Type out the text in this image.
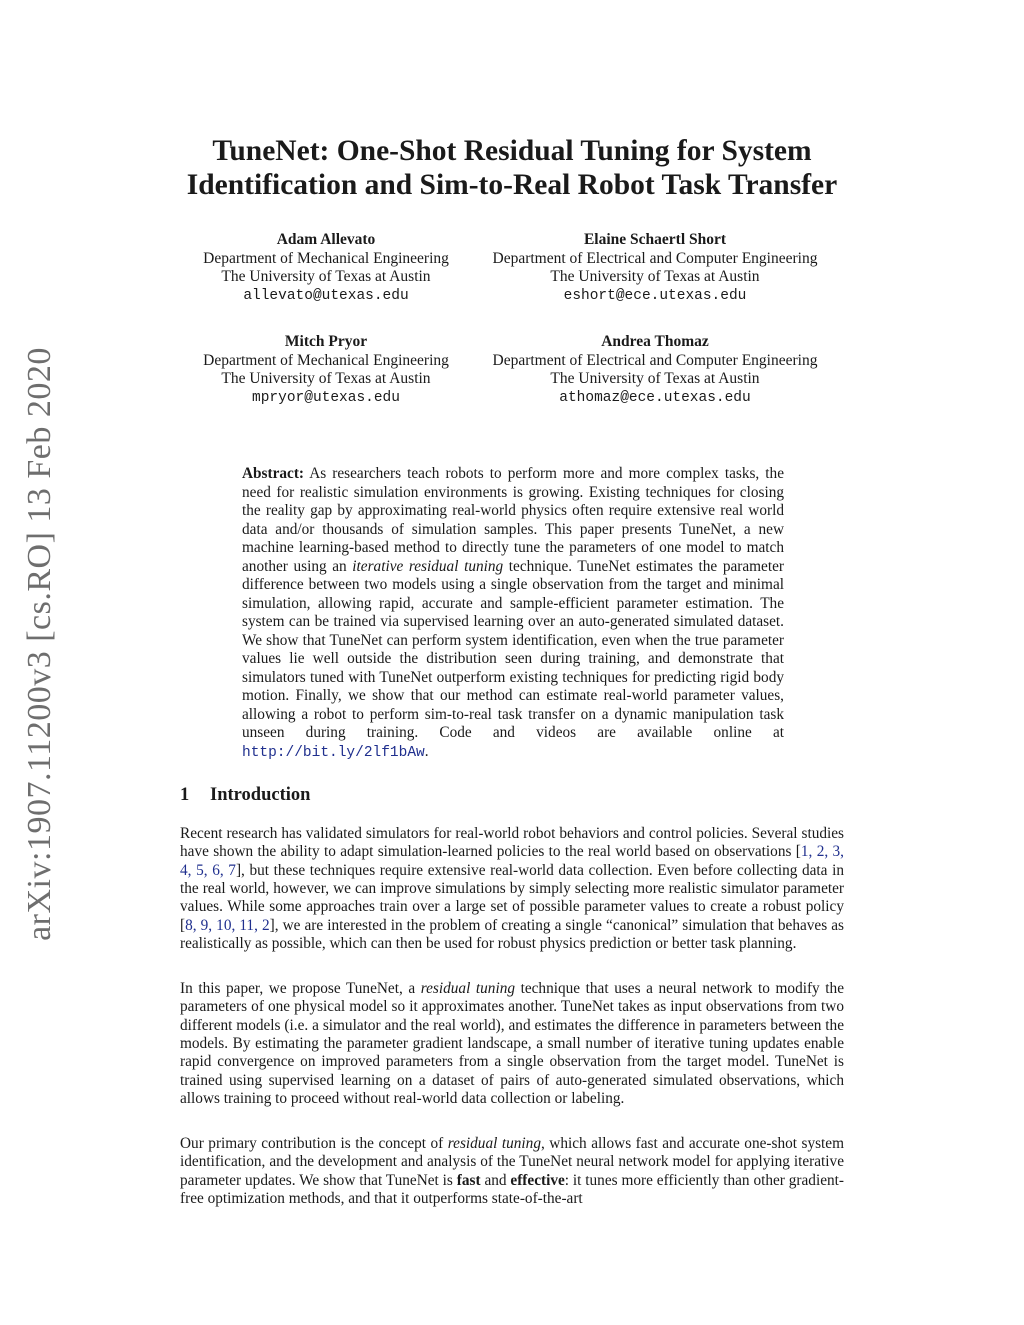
arXiv:1907.11200v3 [cs.RO] 13 Feb 2020
TuneNet: One-Shot Residual Tuning for System
Identification and Sim-to-Real Robot Task Transfer
Adam Allevato
Department of Mechanical Engineering
The University of Texas at Austin
allevato@utexas.edu
Elaine Schaertl Short
Department of Electrical and Computer Engineering
The University of Texas at Austin
eshort@ece.utexas.edu
Mitch Pryor
Department of Mechanical Engineering
The University of Texas at Austin
mpryor@utexas.edu
Andrea Thomaz
Department of Electrical and Computer Engineering
The University of Texas at Austin
athomaz@ece.utexas.edu
Abstract: As researchers teach robots to perform more and more complex tasks, the need for realistic simulation environments is growing. Existing techniques for closing the reality gap by approximating real-world physics often require extensive real world data and/or thousands of simulation samples. This paper presents TuneNet, a new machine learning-based method to directly tune the parameters of one model to match another using an iterative residual tuning technique. TuneNet estimates the parameter difference between two models using a single observation from the target and minimal simulation, allowing rapid, accurate and sample-efficient parameter estimation. The system can be trained via supervised learning over an auto-generated simulated dataset. We show that TuneNet can perform system identification, even when the true parameter values lie well outside the distribution seen during training, and demonstrate that simulators tuned with TuneNet outperform existing techniques for predicting rigid body motion. Finally, we show that our method can estimate real-world parameter values, allowing a robot to perform sim-to-real task transfer on a dynamic manipulation task unseen during training. Code and videos are available online at http://bit.ly/2lf1bAw.
1 Introduction
Recent research has validated simulators for real-world robot behaviors and control policies. Several studies have shown the ability to adapt simulation-learned policies to the real world based on observations [1, 2, 3, 4, 5, 6, 7], but these techniques require extensive real-world data collection. Even before collecting data in the real world, however, we can improve simulations by simply selecting more realistic simulator parameter values. While some approaches train over a large set of possible parameter values to create a robust policy [8, 9, 10, 11, 2], we are interested in the problem of creating a single “canonical” simulation that behaves as realistically as possible, which can then be used for robust physics prediction or better task planning.
In this paper, we propose TuneNet, a residual tuning technique that uses a neural network to modify the parameters of one physical model so it approximates another. TuneNet takes as input observations from two different models (i.e. a simulator and the real world), and estimates the difference in parameters between the models. By estimating the parameter gradient landscape, a small number of iterative tuning updates enable rapid convergence on improved parameters from a single observation from the target model. TuneNet is trained using supervised learning on a dataset of pairs of auto-generated simulated observations, which allows training to proceed without real-world data collection or labeling.
Our primary contribution is the concept of residual tuning, which allows fast and accurate one-shot system identification, and the development and analysis of the TuneNet neural network model for applying iterative parameter updates. We show that TuneNet is fast and effective: it tunes more efficiently than other gradient-free optimization methods, and that it outperforms state-of-the-art
